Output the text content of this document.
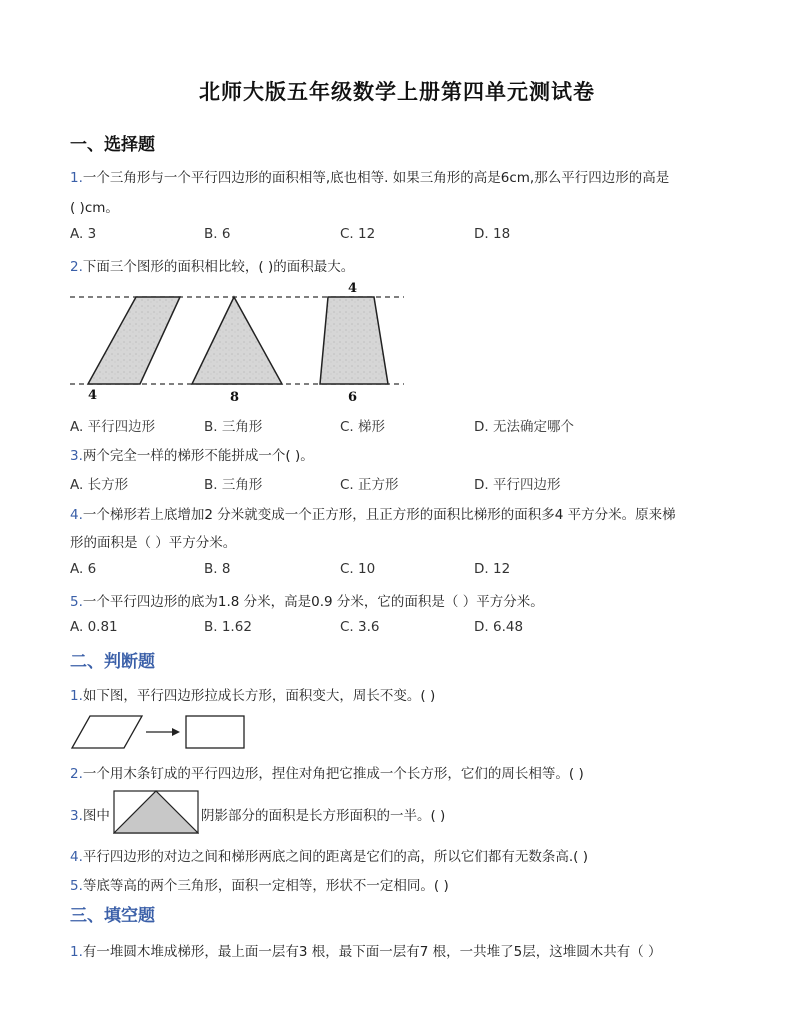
北师大版五年级数学上册第四单元测试卷
一、选择题
1.一个三角形与一个平行四边形的面积相等,底也相等. 如果三角形的高是6cm,那么平行四边形的高是
( )cm。
A. 3	B. 6	C. 12	D. 18
2.下面三个图形的面积相比较，( )的面积最大。
4	8
4
6
A. 平行四边形	B. 三角形	C. 梯形	D. 无法确定哪个
3.两个完全一样的梯形不能拼成一个( )。
A. 长方形	B. 三角形	C. 正方形	D. 平行四边形
4.一个梯形若上底增加2 分米就变成一个正方形，且正方形的面积比梯形的面积多4 平方分米。原来梯
形的面积是（ ）平方分米。
A. 6	B. 8	C. 10	D. 12
5.一个平行四边形的底为1.8 分米，高是0.9 分米，它的面积是（ ）平方分米。
A. 0.81	B. 1.62	C. 3.6	D. 6.48
二、判断题
1.如下图，平行四边形拉成长方形，面积变大，周长不变。( )
2.一个用木条钉成的平行四边形，捏住对角把它推成一个长方形，它们的周长相等。( )
3.图中	阴影部分的面积是长方形面积的一半。( )
4.平行四边形的对边之间和梯形两底之间的距离是它们的高，所以它们都有无数条高.( )
5.等底等高的两个三角形，面积一定相等，形状不一定相同。( )
三、填空题
1.有一堆圆木堆成梯形，最上面一层有3 根，最下面一层有7 根，一共堆了5层，这堆圆木共有（ ）
